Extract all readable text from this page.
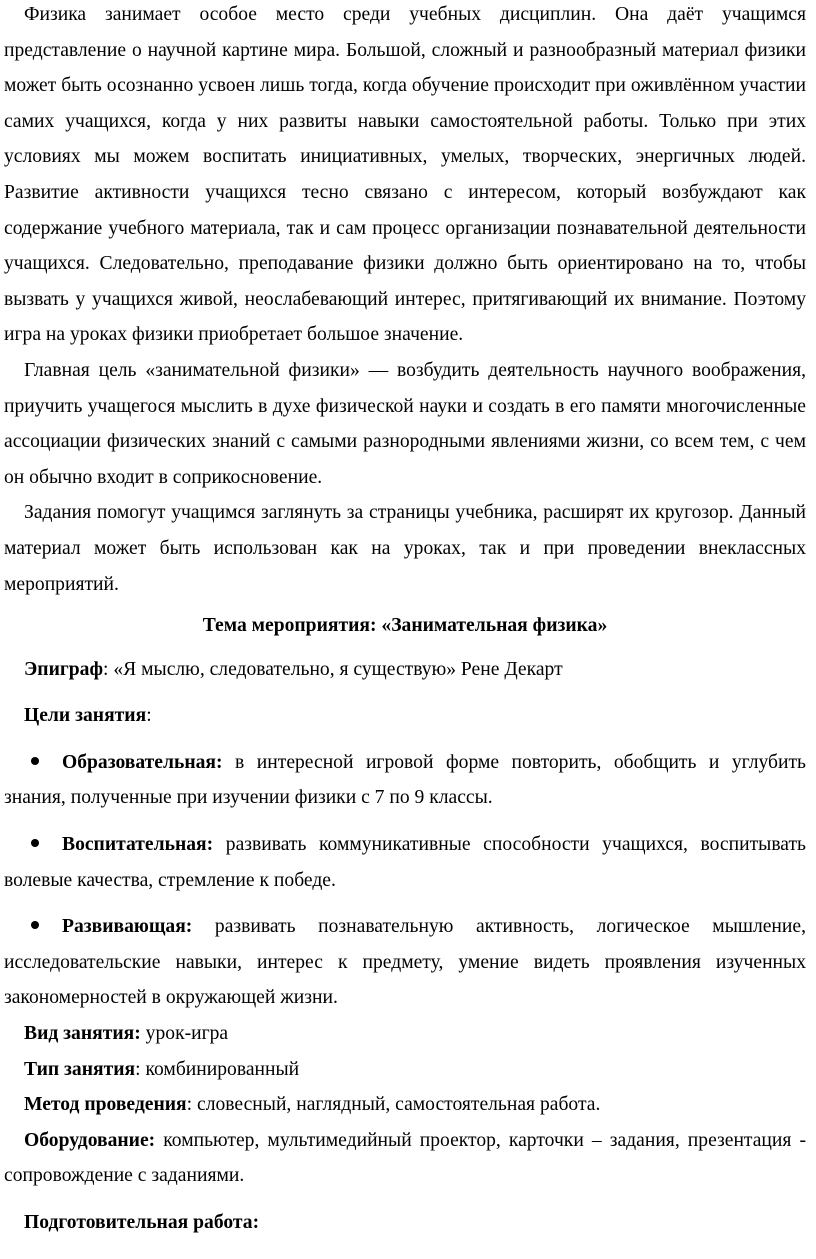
Физика занимает особое место среди учебных дисциплин. Она даёт учащимся представление о научной картине мира. Большой, сложный и разнообразный материал физики может быть осознанно усвоен лишь тогда, когда обучение происходит при оживлённом участии самих учащихся, когда у них развиты навыки самостоятельной работы. Только при этих условиях мы можем воспитать инициативных, умелых, творческих, энергичных людей. Развитие активности учащихся тесно связано с интересом, который возбуждают как содержание учебного материала, так и сам процесс организации познавательной деятельности учащихся. Следовательно, преподавание физики должно быть ориентировано на то, чтобы вызвать у учащихся живой, неослабевающий интерес, притягивающий их внимание. Поэтому игра на уроках физики приобретает большое значение.

Главная цель «занимательной физики» — возбудить деятельность научного воображения, приучить учащегося мыслить в духе физической науки и создать в его памяти многочисленные ассоциации физических знаний с самыми разнородными явлениями жизни, со всем тем, с чем он обычно входит в соприкосновение.

Задания помогут учащимся заглянуть за страницы учебника, расширят их кругозор. Данный материал может быть использован как на уроках, так и при проведении внеклассных мероприятий.

Тема мероприятия: «Занимательная физика»

Эпиграф: «Я мыслю, следовательно, я существую» Рене Декарт

Цели занятия:

Образовательная: в интересной игровой форме повторить, обобщить и углубить знания, полученные при изучении физики с 7 по 9 классы.

Воспитательная: развивать коммуникативные способности учащихся, воспитывать волевые качества, стремление к победе.

Развивающая: развивать познавательную активность, логическое мышление, исследовательские навыки, интерес к предмету, умение видеть проявления изученных закономерностей в окружающей жизни.

Вид занятия: урок-игра

Тип занятия: комбинированный

Метод проведения: словесный, наглядный, самостоятельная работа.

Оборудование: компьютер, мультимедийный проектор, карточки – задания, презентация - сопровождение с заданиями.

Подготовительная работа:
